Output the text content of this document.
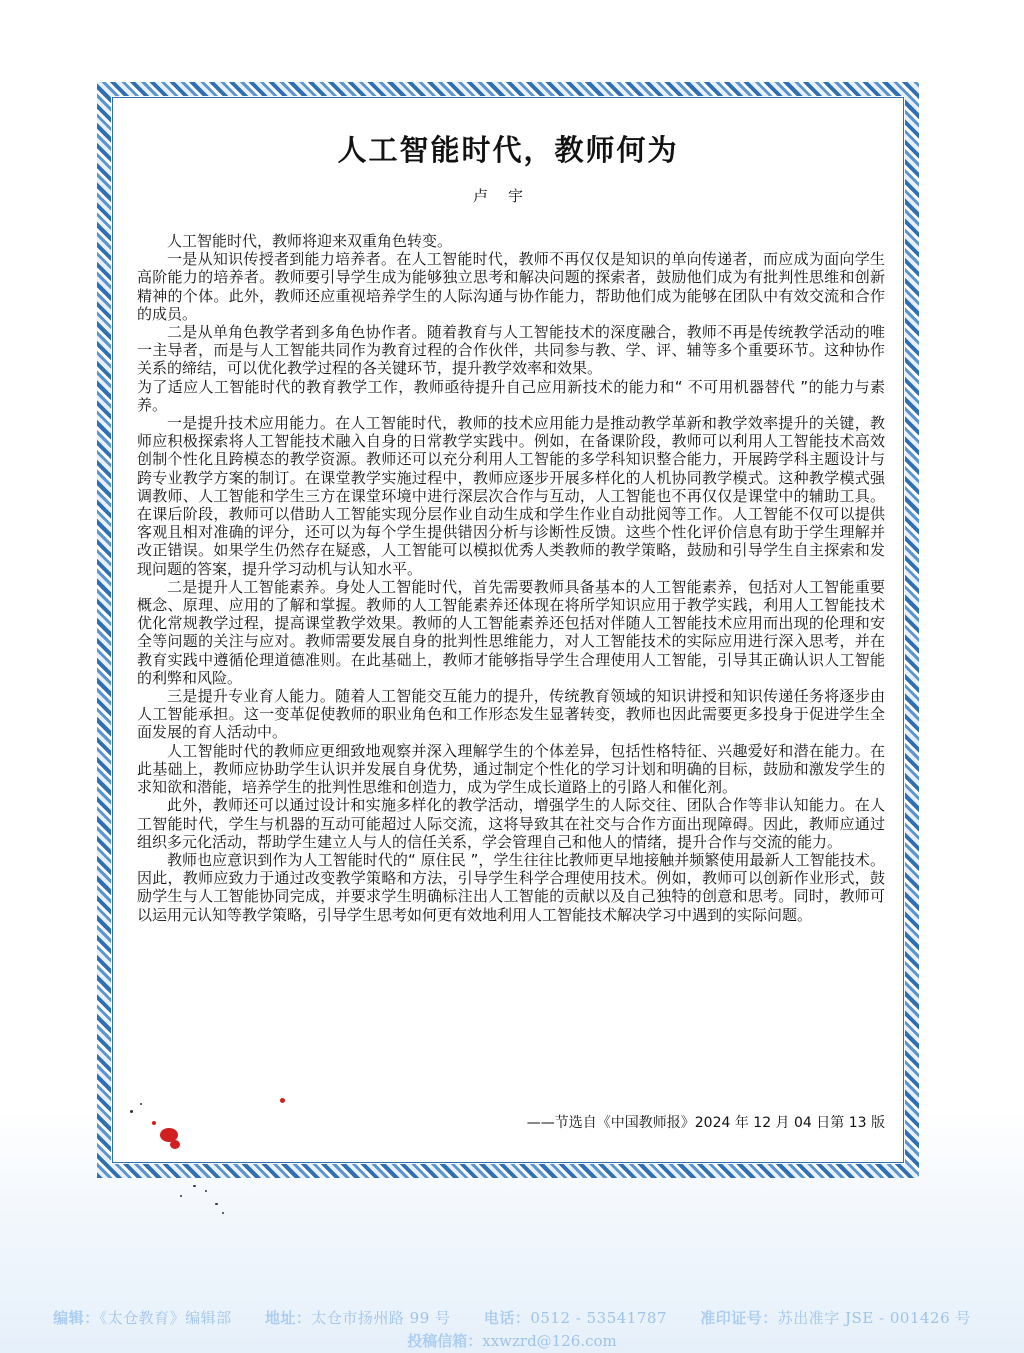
人工智能时代，教师何为
卢宇

人工智能时代，教师将迎来双重角色转变。

一是从知识传授者到能力培养者。在人工智能时代，教师不再仅仅是知识的单向传递者，而应成为面向学生高阶能力的培养者。教师要引导学生成为能够独立思考和解决问题的探索者，鼓励他们成为有批判性思维和创新精神的个体。此外，教师还应重视培养学生的人际沟通与协作能力，帮助他们成为能够在团队中有效交流和合作的成员。

二是从单角色教学者到多角色协作者。随着教育与人工智能技术的深度融合，教师不再是传统教学活动的唯一主导者，而是与人工智能共同作为教育过程的合作伙伴，共同参与教、学、评、辅等多个重要环节。这种协作关系的缔结，可以优化教学过程的各关键环节，提升教学效率和效果。

为了适应人工智能时代的教育教学工作，教师亟待提升自己应用新技术的能力和“ 不可用机器替代 ”的能力与素养。

一是提升技术应用能力。在人工智能时代，教师的技术应用能力是推动教学革新和教学效率提升的关键，教师应积极探索将人工智能技术融入自身的日常教学实践中。例如，在备课阶段，教师可以利用人工智能技术高效创制个性化且跨模态的教学资源。教师还可以充分利用人工智能的多学科知识整合能力，开展跨学科主题设计与跨专业教学方案的制订。在课堂教学实施过程中，教师应逐步开展多样化的人机协同教学模式。这种教学模式强调教师、人工智能和学生三方在课堂环境中进行深层次合作与互动，人工智能也不再仅仅是课堂中的辅助工具。在课后阶段，教师可以借助人工智能实现分层作业自动生成和学生作业自动批阅等工作。人工智能不仅可以提供客观且相对准确的评分，还可以为每个学生提供错因分析与诊断性反馈。这些个性化评价信息有助于学生理解并改正错误。如果学生仍然存在疑惑，人工智能可以模拟优秀人类教师的教学策略，鼓励和引导学生自主探索和发现问题的答案，提升学习动机与认知水平。

二是提升人工智能素养。身处人工智能时代，首先需要教师具备基本的人工智能素养，包括对人工智能重要概念、原理、应用的了解和掌握。教师的人工智能素养还体现在将所学知识应用于教学实践，利用人工智能技术优化常规教学过程，提高课堂教学效果。教师的人工智能素养还包括对伴随人工智能技术应用而出现的伦理和安全等问题的关注与应对。教师需要发展自身的批判性思维能力，对人工智能技术的实际应用进行深入思考，并在教育实践中遵循伦理道德准则。在此基础上，教师才能够指导学生合理使用人工智能，引导其正确认识人工智能的利弊和风险。

三是提升专业育人能力。随着人工智能交互能力的提升，传统教育领域的知识讲授和知识传递任务将逐步由人工智能承担。这一变革促使教师的职业角色和工作形态发生显著转变，教师也因此需要更多投身于促进学生全面发展的育人活动中。

人工智能时代的教师应更细致地观察并深入理解学生的个体差异，包括性格特征、兴趣爱好和潜在能力。在此基础上，教师应协助学生认识并发展自身优势，通过制定个性化的学习计划和明确的目标，鼓励和激发学生的求知欲和潜能，培养学生的批判性思维和创造力，成为学生成长道路上的引路人和催化剂。

此外，教师还可以通过设计和实施多样化的教学活动，增强学生的人际交往、团队合作等非认知能力。在人工智能时代，学生与机器的互动可能超过人际交流，这将导致其在社交与合作方面出现障碍。因此，教师应通过组织多元化活动，帮助学生建立人与人的信任关系，学会管理自己和他人的情绪，提升合作与交流的能力。

教师也应意识到作为人工智能时代的“ 原住民 ”，学生往往比教师更早地接触并频繁使用最新人工智能技术。因此，教师应致力于通过改变教学策略和方法，引导学生科学合理使用技术。例如，教师可以创新作业形式，鼓励学生与人工智能协同完成，并要求学生明确标注出人工智能的贡献以及自己独特的创意和思考。同时，教师可以运用元认知等教学策略，引导学生思考如何更有效地利用人工智能技术解决学习中遇到的实际问题。

——节选自《中国教师报》2024 年 12 月 04 日第 13 版
编辑：《太仓教育》编辑部 地址：太仓市扬州路 99 号 电话：0512 - 53541787 准印证号：苏出准字 JSE - 001426 号
投稿信箱：xxwzrd@126.com
